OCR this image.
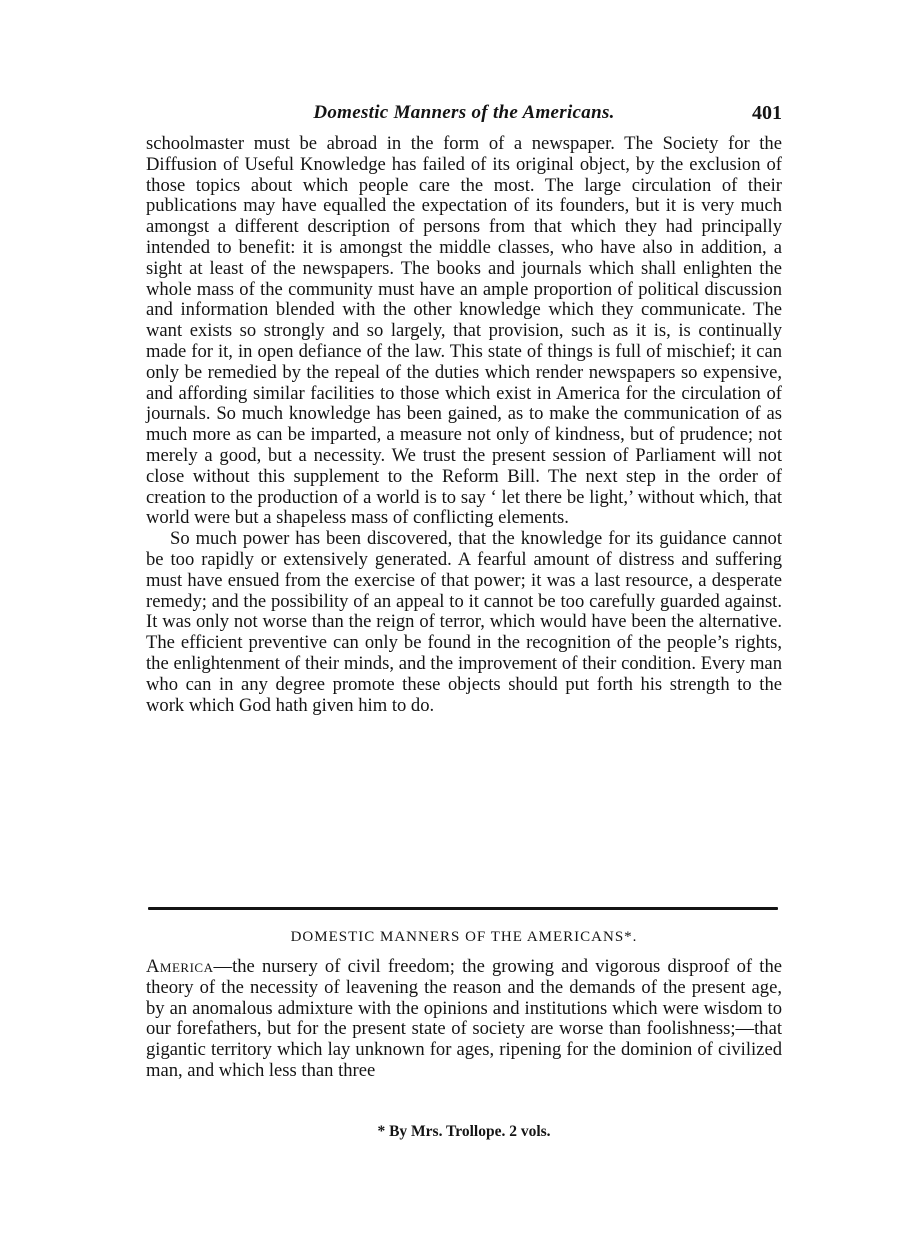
Domestic Manners of the Americans.	401

schoolmaster must be abroad in the form of a newspaper. The Society for the Diffusion of Useful Knowledge has failed of its original object, by the exclusion of those topics about which people care the most. The large circulation of their publications may have equalled the expectation of its founders, but it is very much amongst a different description of persons from that which they had principally intended to benefit: it is amongst the middle classes, who have also in addition, a sight at least of the newspapers. The books and journals which shall enlighten the whole mass of the community must have an ample proportion of political discussion and information blended with the other knowledge which they communicate. The want exists so strongly and so largely, that provision, such as it is, is continually made for it, in open defiance of the law. This state of things is full of mischief; it can only be remedied by the repeal of the duties which render newspapers so expensive, and affording similar facilities to those which exist in America for the circulation of journals. So much knowledge has been gained, as to make the communication of as much more as can be imparted, a measure not only of kindness, but of prudence; not merely a good, but a necessity. We trust the present session of Parliament will not close without this supplement to the Reform Bill. The next step in the order of creation to the production of a world is to say ‘ let there be light,’ without which, that world were but a shapeless mass of conflicting elements.

So much power has been discovered, that the knowledge for its guidance cannot be too rapidly or extensively generated. A fearful amount of distress and suffering must have ensued from the exercise of that power; it was a last resource, a desperate remedy; and the possibility of an appeal to it cannot be too carefully guarded against. It was only not worse than the reign of terror, which would have been the alternative. The efficient preventive can only be found in the recognition of the people’s rights, the enlightenment of their minds, and the improvement of their condition. Every man who can in any degree promote these objects should put forth his strength to the work which God hath given him to do.

DOMESTIC MANNERS OF THE AMERICANS*.

America—the nursery of civil freedom; the growing and vigorous disproof of the theory of the necessity of leavening the reason and the demands of the present age, by an anomalous admixture with the opinions and institutions which were wisdom to our forefathers, but for the present state of society are worse than foolishness;—that gigantic territory which lay unknown for ages, ripening for the dominion of civilized man, and which less than three

* By Mrs. Trollope. 2 vols.
